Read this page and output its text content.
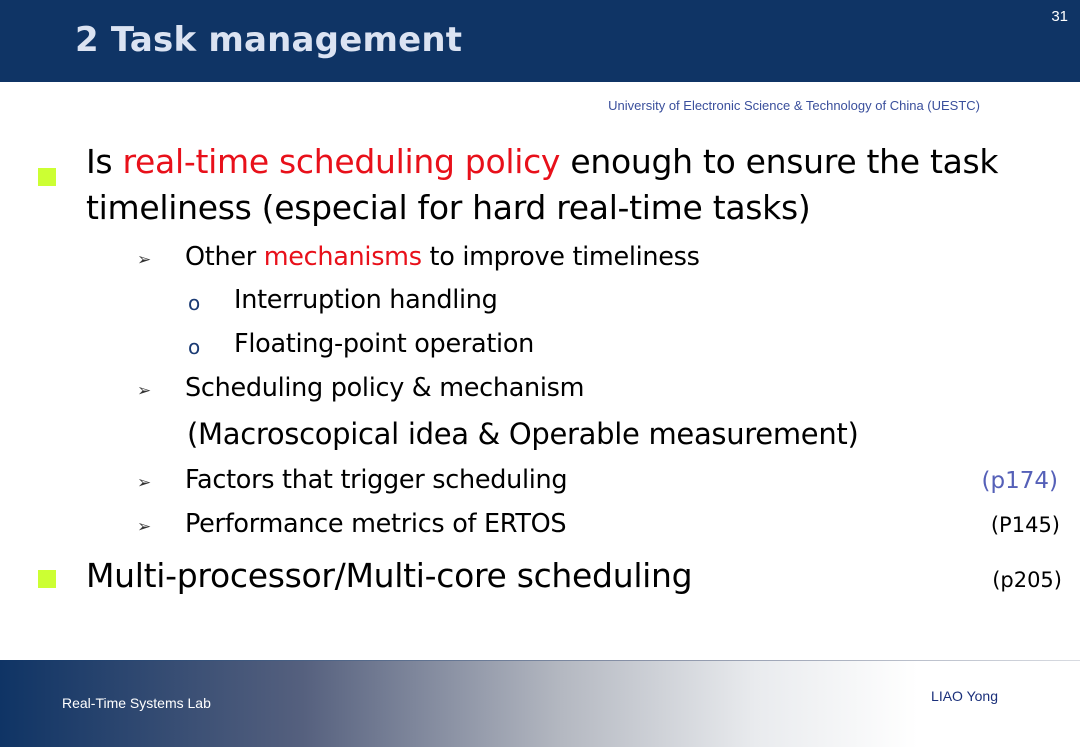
2 Task management
31
University of Electronic Science & Technology of China (UESTC)
Is real-time scheduling policy enough to ensure the task
timeliness (especial for hard real-time tasks)
➢ Other mechanisms to improve timeliness
o Interruption handling
o Floating-point operation
➢ Scheduling policy & mechanism
(Macroscopical idea & Operable measurement)
➢ Factors that trigger scheduling	(p174)
➢ Performance metrics of ERTOS	(P145)
Multi-processor/Multi-core scheduling	(p205)
Real-Time Systems Lab	LIAO Yong
